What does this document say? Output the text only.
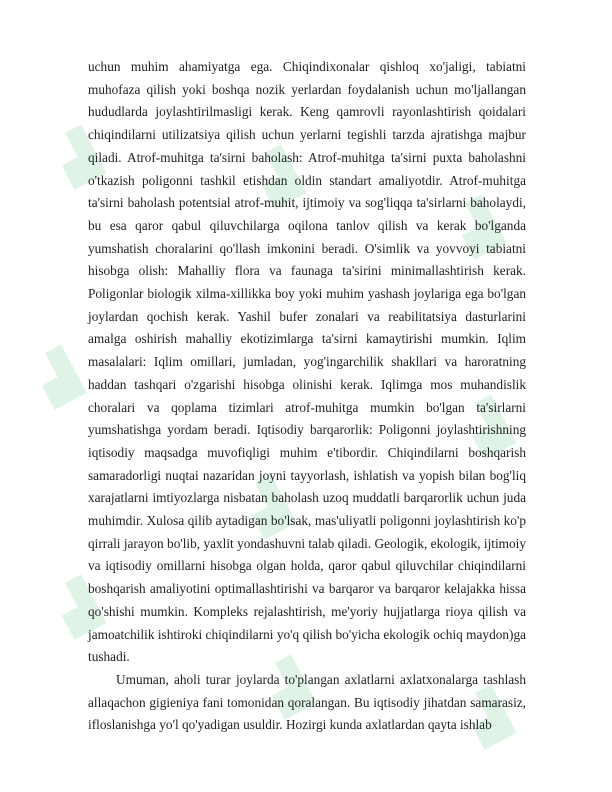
▟	▟
▟
▟
▟
▟
▟
▟	▟

uchun muhim ahamiyatga ega. Chiqindixonalar qishloq xo'jaligi, tabiatni muhofaza qilish yoki boshqa nozik yerlardan foydalanish uchun mo'ljallangan hududlarda joylashtirilmasligi kerak. Keng qamrovli rayonlashtirish qoidalari chiqindilarni utilizatsiya qilish uchun yerlarni tegishli tarzda ajratishga majbur qiladi. Atrof-muhitga ta'sirni baholash: Atrof-muhitga ta'sirni puxta baholashni o'tkazish poligonni tashkil etishdan oldin standart amaliyotdir. Atrof-muhitga ta'sirni baholash potentsial atrof-muhit, ijtimoiy va sog'liqqa ta'sirlarni baholaydi, bu esa qaror qabul qiluvchilarga oqilona tanlov qilish va kerak bo'lganda yumshatish choralarini qo'llash imkonini beradi. O'simlik va yovvoyi tabiatni hisobga olish: Mahalliy flora va faunaga ta'sirini minimallashtirish kerak. Poligonlar biologik xilma-xillikka boy yoki muhim yashash joylariga ega bo'lgan joylardan qochish kerak. Yashil bufer zonalari va reabilitatsiya dasturlarini amalga oshirish mahalliy ekotizimlarga ta'sirni kamaytirishi mumkin. Iqlim masalalari: Iqlim omillari, jumladan, yog'ingarchilik shakllari va haroratning haddan tashqari o'zgarishi hisobga olinishi kerak. Iqlimga mos muhandislik choralari va qoplama tizimlari atrof-muhitga mumkin bo'lgan ta'sirlarni yumshatishga yordam beradi. Iqtisodiy barqarorlik: Poligonni joylashtirishning iqtisodiy maqsadga muvofiqligi muhim e'tibordir. Chiqindilarni boshqarish samaradorligi nuqtai nazaridan joyni tayyorlash, ishlatish va yopish bilan bog'liq xarajatlarni imtiyozlarga nisbatan baholash uzoq muddatli barqarorlik uchun juda muhimdir. Xulosa qilib aytadigan bo'lsak, mas'uliyatli poligonni joylashtirish ko'p qirrali jarayon bo'lib, yaxlit yondashuvni talab qiladi. Geologik, ekologik, ijtimoiy va iqtisodiy omillarni hisobga olgan holda, qaror qabul qiluvchilar chiqindilarni boshqarish amaliyotini optimallashtirishi va barqaror va barqaror kelajakka hissa qo'shishi mumkin. Kompleks rejalashtirish, me'yoriy hujjatlarga rioya qilish va jamoatchilik ishtiroki chiqindilarni yo'q qilish bo'yicha ekologik ochiq maydon)ga tushadi.

Umuman, aholi turar joylarda to'plangan axlatlarni axlatxonalarga tashlash allaqachon gigieniya fani tomonidan qoralangan. Bu iqtisodiy jihatdan samarasiz, ifloslanishga yo'l qo'yadigan usuldir. Hozirgi kunda axlatlardan qayta ishlab
